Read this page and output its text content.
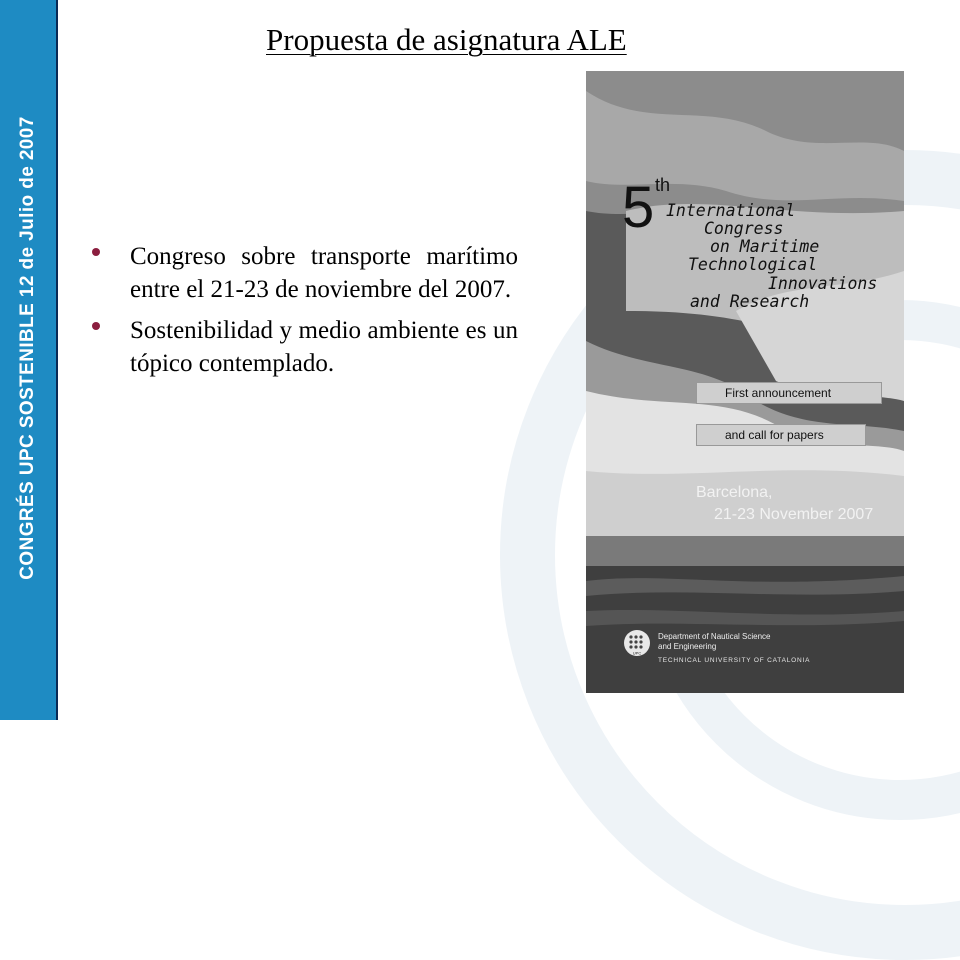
CONGRÉS UPC SOSTENIBLE 12 de Julio de 2007
Propuesta de asignatura ALE
Congreso sobre transporte marítimo entre el 21-23 de noviembre del 2007.
Sostenibilidad y medio ambiente es un tópico contemplado.
5 th
International
Congress
on Maritime
Technological
Innovations
and Research
First announcement
and call for papers
Barcelona,
21-23 November 2007
UPC
Department of Nautical Science
and Engineering
TECHNICAL UNIVERSITY OF CATALONIA
